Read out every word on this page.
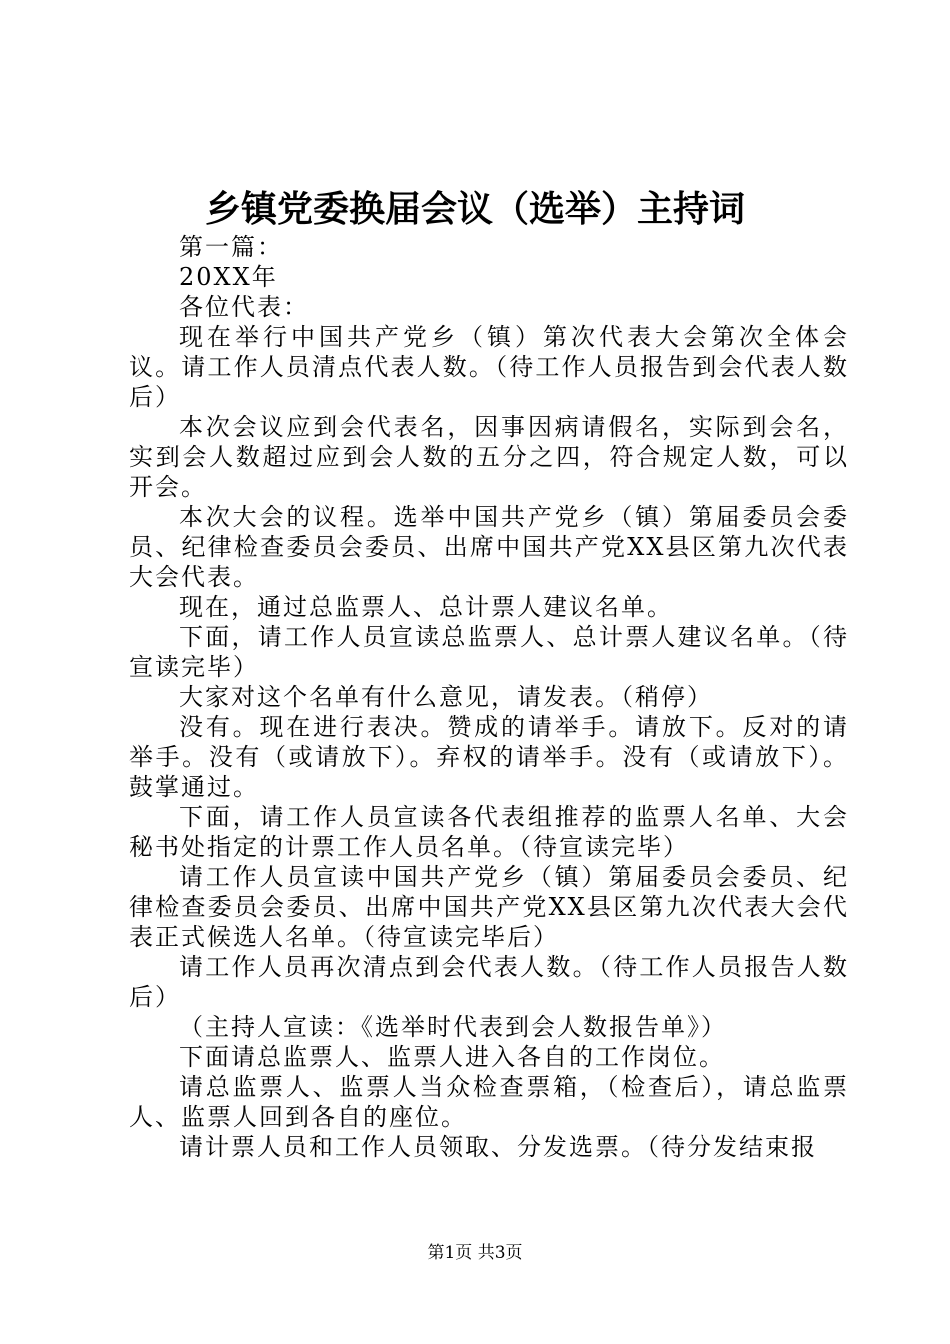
乡镇党委换届会议（选举）主持词

第一篇：

20XX年

各位代表：

现在举行中国共产党乡（镇）第次代表大会第次全体会议。请工作人员清点代表人数。（待工作人员报告到会代表人数后）

本次会议应到会代表名，因事因病请假名，实际到会名，实到会人数超过应到会人数的五分之四，符合规定人数，可以开会。

本次大会的议程。选举中国共产党乡（镇）第届委员会委员、纪律检查委员会委员、出席中国共产党XX县区第九次代表大会代表。

现在，通过总监票人、总计票人建议名单。

下面，请工作人员宣读总监票人、总计票人建议名单。（待宣读完毕）

大家对这个名单有什么意见，请发表。（稍停）

没有。现在进行表决。赞成的请举手。请放下。反对的请举手。没有（或请放下）。弃权的请举手。没有（或请放下）。鼓掌通过。

下面，请工作人员宣读各代表组推荐的监票人名单、大会秘书处指定的计票工作人员名单。（待宣读完毕）

请工作人员宣读中国共产党乡（镇）第届委员会委员、纪律检查委员会委员、出席中国共产党XX县区第九次代表大会代表正式候选人名单。（待宣读完毕后）

请工作人员再次清点到会代表人数。（待工作人员报告人数后）

（主持人宣读：《选举时代表到会人数报告单》）

下面请总监票人、监票人进入各自的工作岗位。

请总监票人、监票人当众检查票箱，（检查后），请总监票人、监票人回到各自的座位。

请计票人员和工作人员领取、分发选票。（待分发结束报

第1页 共3页
